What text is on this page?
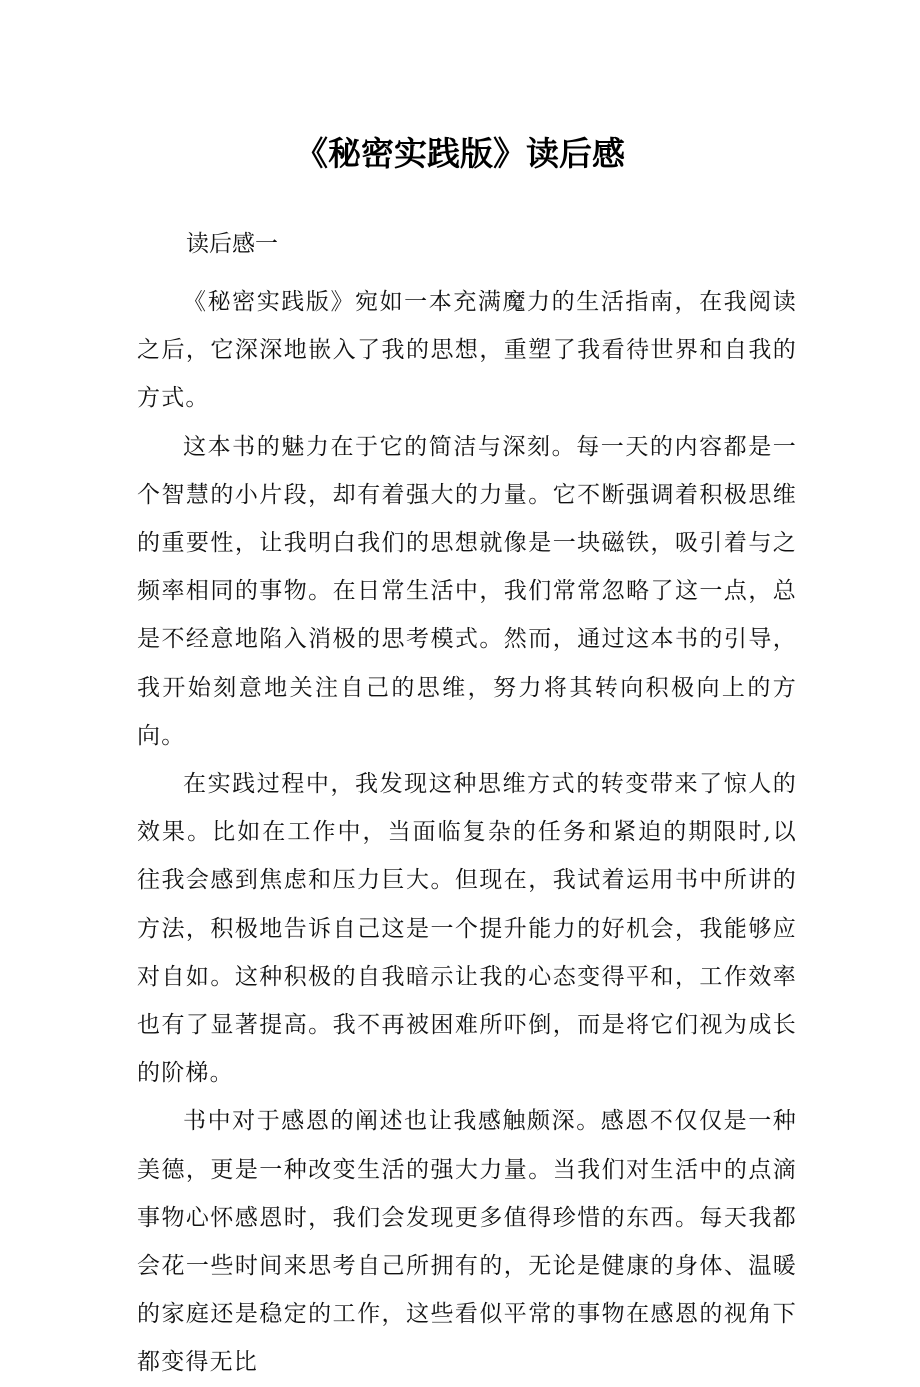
《秘密实践版》读后感

读后感一

《秘密实践版》宛如一本充满魔力的生活指南，在我阅读之后，它深深地嵌入了我的思想，重塑了我看待世界和自我的方式。

这本书的魅力在于它的简洁与深刻。每一天的内容都是一个智慧的小片段，却有着强大的力量。它不断强调着积极思维的重要性，让我明白我们的思想就像是一块磁铁，吸引着与之频率相同的事物。在日常生活中，我们常常忽略了这一点，总是不经意地陷入消极的思考模式。然而，通过这本书的引导，我开始刻意地关注自己的思维，努力将其转向积极向上的方向。

在实践过程中，我发现这种思维方式的转变带来了惊人的效果。比如在工作中，当面临复杂的任务和紧迫的期限时,以往我会感到焦虑和压力巨大。但现在，我试着运用书中所讲的方法，积极地告诉自己这是一个提升能力的好机会，我能够应对自如。这种积极的自我暗示让我的心态变得平和，工作效率也有了显著提高。我不再被困难所吓倒，而是将它们视为成长的阶梯。

书中对于感恩的阐述也让我感触颇深。感恩不仅仅是一种美德，更是一种改变生活的强大力量。当我们对生活中的点滴事物心怀感恩时，我们会发现更多值得珍惜的东西。每天我都会花一些时间来思考自己所拥有的，无论是健康的身体、温暖的家庭还是稳定的工作，这些看似平常的事物在感恩的视角下都变得无比
